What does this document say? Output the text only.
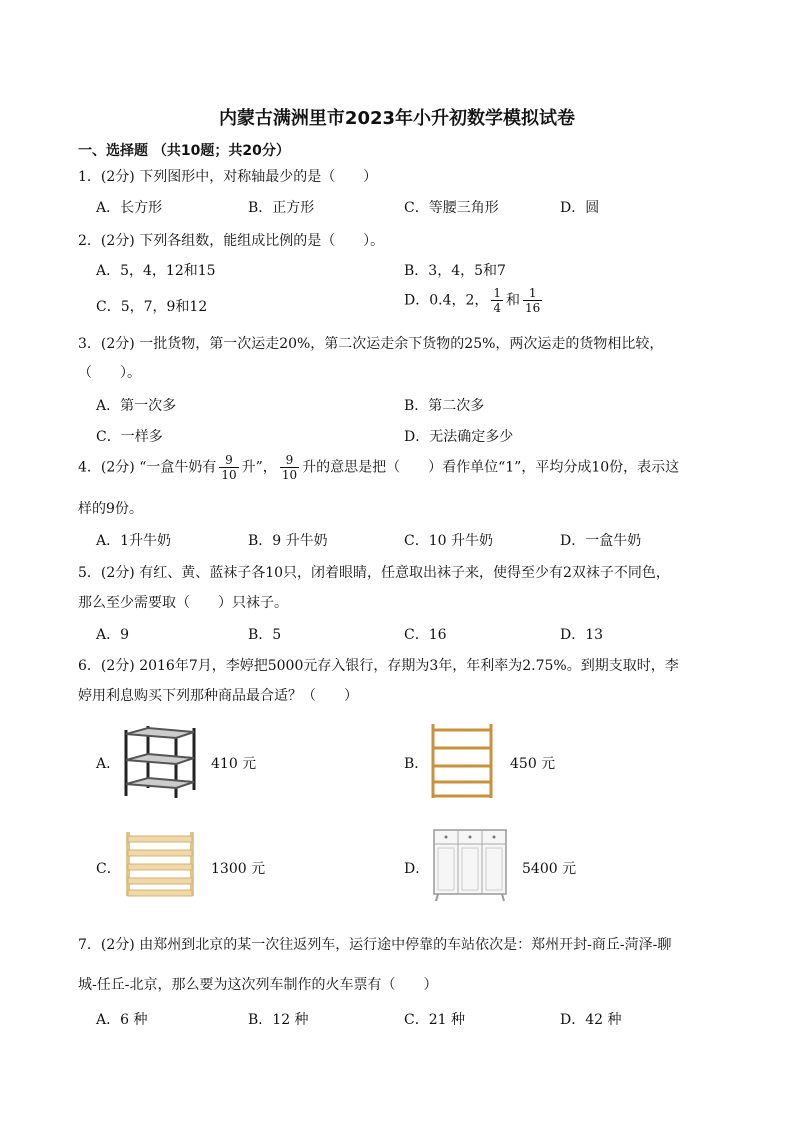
内蒙古满洲里市2023年小升初数学模拟试卷
一、选择题 （共10题；共20分）
1．(2分) 下列图形中，对称轴最少的是（　　）
A．长方形	B．正方形	C．等腰三角形	D．圆
2．(2分) 下列各组数，能组成比例的是（　　）。
A．5，4，12和15	B．3，4，5和7
C．5，7，9和12	D．0.4，2， $\frac{1}{4}$ 和 $\frac{1}{16}$
3．(2分) 一批货物，第一次运走20%，第二次运走余下货物的25%，两次运走的货物相比较，
（　　）。
A．第一次多	B．第二次多
C．一样多	D．无法确定多少
4．(2分) “一盒牛奶有 $\frac{9}{10}$ 升”， $\frac{9}{10}$ 升的意思是把（　　）看作单位“1”，平均分成10份，表示这
样的9份。
A．1升牛奶	B．9 升牛奶	C．10 升牛奶	D．一盒牛奶
5．(2分) 有红、黄、蓝袜子各10只，闭着眼睛，任意取出袜子来，使得至少有2双袜子不同色，
那么至少需要取（　　）只袜子。
A．9	B．5	C．16	D．13
6．(2分) 2016年7月，李婷把5000元存入银行，存期为3年，年利率为2.75%。到期支取时，李
婷用利息购买下列那种商品最合适？（　　）
A．	410 元	B．	450 元
C．	1300 元	D．	5400 元
7．(2分) 由郑州到北京的某一次往返列车，运行途中停靠的车站依次是：郑州开封-商丘-菏泽-聊
城-任丘-北京，那么要为这次列车制作的火车票有（　　）
A．6 种	B．12 种	C．21 种	D．42 种
